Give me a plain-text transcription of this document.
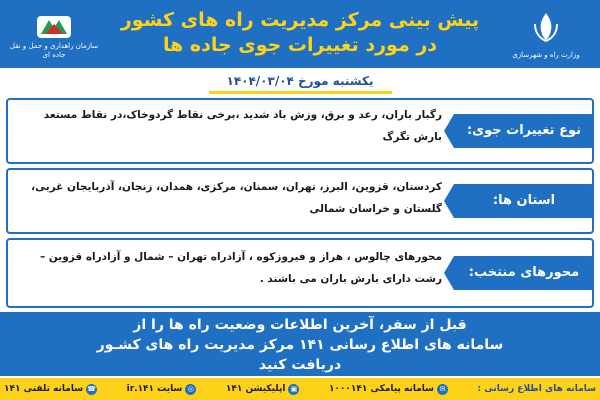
وزارت راه و شهرسازی
پیش بینی مرکز مدیریت راه های کشور
در مورد تغییرات جوی جاده ها
سازمان راهداری و حمل و نقل جاده ای
یکشنبه مورخ ۱۴۰۴/۰۳/۰۴
نوع تغییرات جوی:
رگبار باران، رعد و برق، وزش باد شدید ،برخی نقاط گردوخاک،در نقاط مستعد بارش تگرگ
استان ها:
کردستان، قزوین، البرز، تهران، سمنان، مرکزی، همدان، زنجان، آذربایجان غربی، گلستان و خراسان شمالی
محورهای منتخب:
محورهای چالوس ، هراز و فیروزکوه ، آزادراه تهران – شمال و آزادراه قزوین – رشت دارای بارش باران می باشند .
قبل از سفر، آخرین اطلاعات وضعیت راه ها را از
سامانه های اطلاع رسانی ۱۴۱ مرکز مدیریت راه های کشـور
دریافت کنید
سامانه های اطلاع رسانی :
✉
سامانه پیامکی ۱۰۰۰۱۴۱
▣
اپلیکیشن ۱۴۱
◎
سایت ۱۴۱.ir
☎
سامانه تلفنی ۱۴۱
